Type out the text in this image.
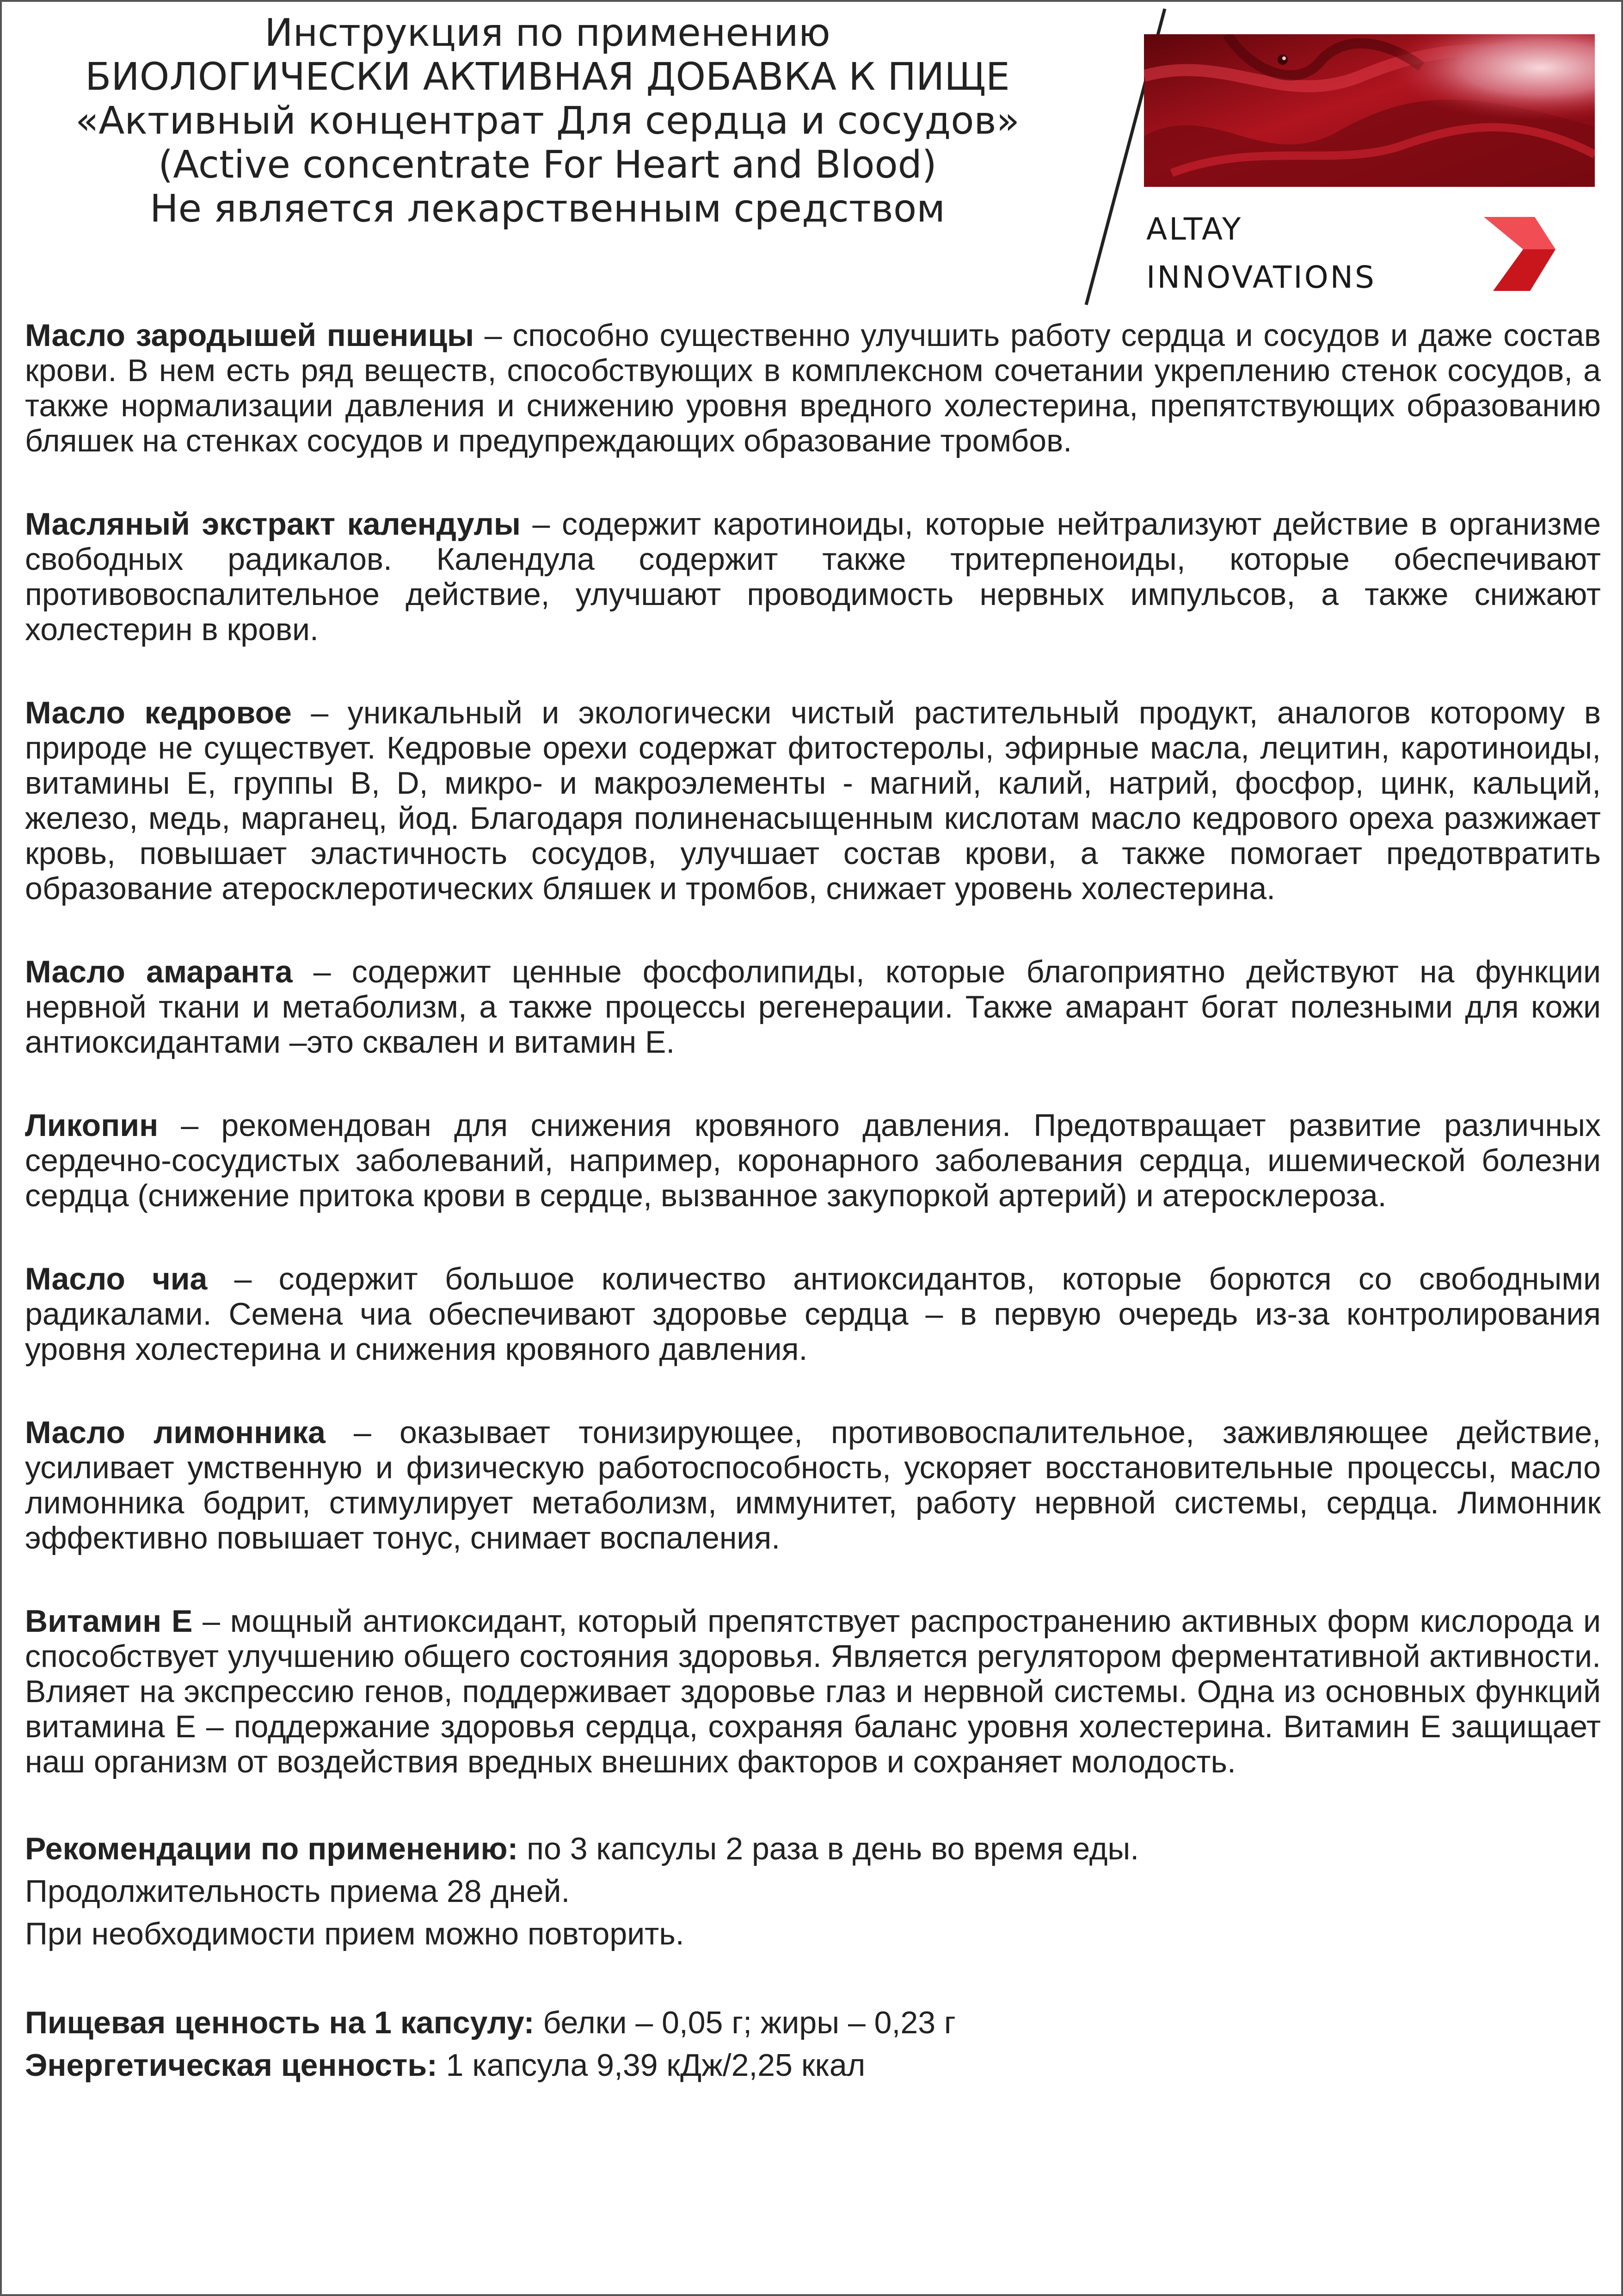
Инструкция по применению
БИОЛОГИЧЕСКИ АКТИВНАЯ ДОБАВКА К ПИЩЕ
«Активный концентрат Для сердца и сосудов»
(Active concentrate For Heart and Blood)
Не является лекарственным средством	ALTAY
INNOVATIONS

Масло зародышей пшеницы – способно существенно улучшить работу сердца и сосудов и даже состав крови. В нем есть ряд веществ, способствующих в комплексном сочетании укреплению стенок сосудов, а также нормализации давления и снижению уровня вредного холестерина, препятствующих образованию бляшек на стенках сосудов и предупреждающих образование тромбов.

Масляный экстракт календулы – содержит каротиноиды, которые нейтрализуют действие в организме свободных радикалов. Календула содержит также тритерпеноиды, которые обеспечивают противовоспалительное действие, улучшают проводимость нервных импульсов, а также снижают холестерин в крови.

Масло кедровое – уникальный и экологически чистый растительный продукт, аналогов которому в природе не существует. Кедровые орехи содержат фитостеролы, эфирные масла, лецитин, каротиноиды, витамины Е, группы В, D, микро- и макроэлементы - магний, калий, натрий, фосфор, цинк, кальций, железо, медь, марганец, йод. Благодаря полиненасыщенным кислотам масло кедрового ореха разжижает кровь, повышает эластичность сосудов, улучшает состав крови, а также помогает предотвратить образование атеросклеротических бляшек и тромбов, снижает уровень холестерина.

Масло амаранта – содержит ценные фосфолипиды, которые благоприятно действуют на функции нервной ткани и метаболизм, а также процессы регенерации. Также амарант богат полезными для кожи антиоксидантами –это сквален и витамин Е.

Ликопин – рекомендован для снижения кровяного давления. Предотвращает развитие различных сердечно-сосудистых заболеваний, например, коронарного заболевания сердца, ишемической болезни сердца (снижение притока крови в сердце, вызванное закупоркой артерий) и атеросклероза.

Масло чиа – содержит большое количество антиоксидантов, которые борются со свободными радикалами. Семена чиа обеспечивают здоровье сердца – в первую очередь из-за контролирования уровня холестерина и снижения кровяного давления.

Масло лимонника – оказывает тонизирующее, противовоспалительное, заживляющее действие, усиливает умственную и физическую работоспособность, ускоряет восстановительные процессы, масло лимонника бодрит, стимулирует метаболизм, иммунитет, работу нервной системы, сердца. Лимонник эффективно повышает тонус, снимает воспаления.

Витамин Е – мощный антиоксидант, который препятствует распространению активных форм кислорода и способствует улучшению общего состояния здоровья. Является регулятором ферментативной активности. Влияет на экспрессию генов, поддерживает здоровье глаз и нервной системы. Одна из основных функций витамина Е – поддержание здоровья сердца, сохраняя баланс уровня холестерина. Витамин Е защищает наш организм от воздействия вредных внешних факторов и сохраняет молодость.

Рекомендации по применению: по 3 капсулы 2 раза в день во время еды.
Продолжительность приема 28 дней.
При необходимости прием можно повторить.
Пищевая ценность на 1 капсулу: белки – 0,05 г; жиры – 0,23 г
Энергетическая ценность: 1 капсула 9,39 кДж/2,25 ккал
